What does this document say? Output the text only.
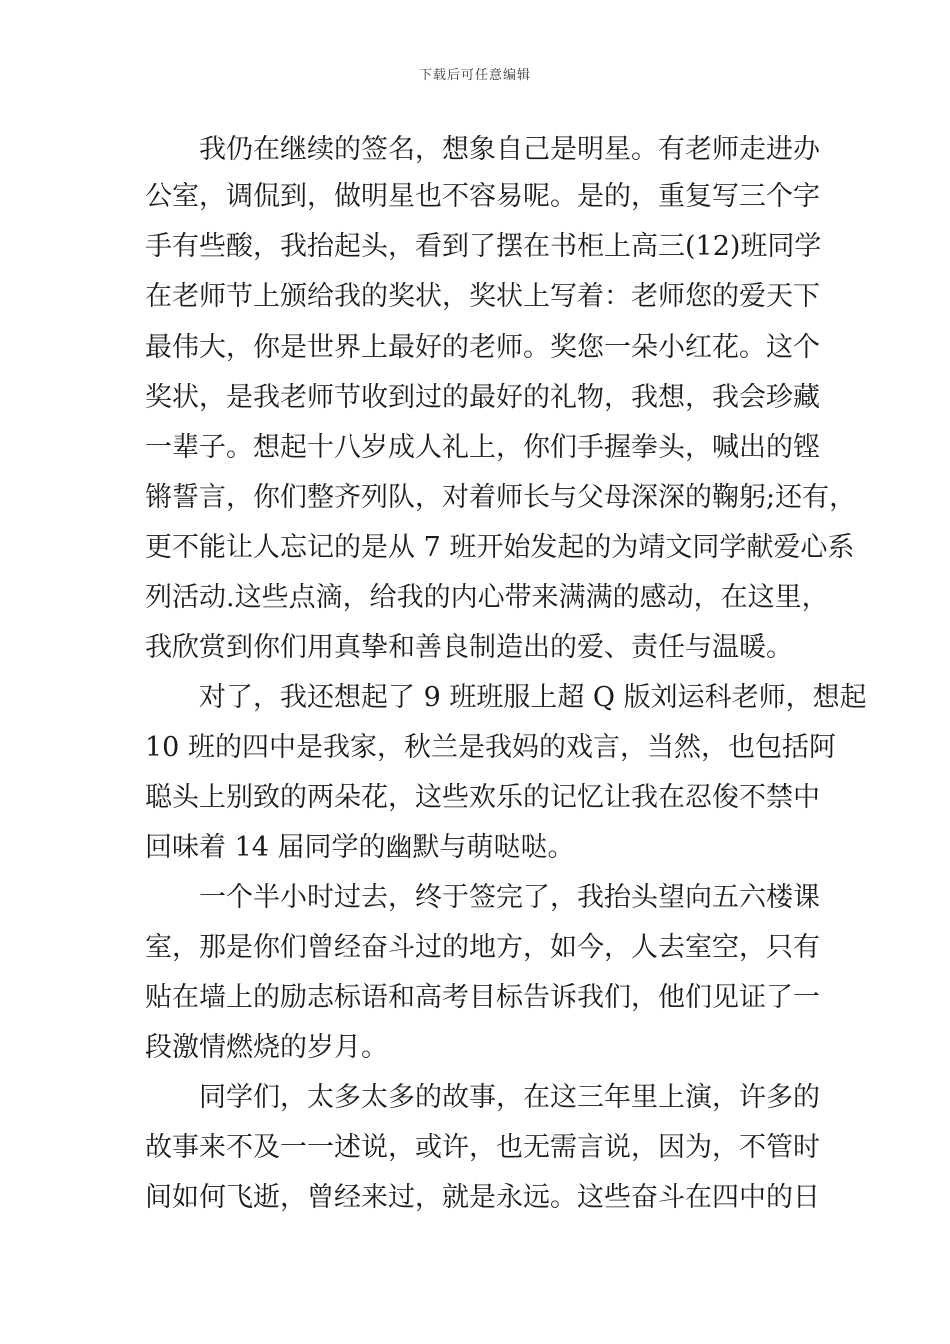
下载后可任意编辑
我仍在继续的签名，想象自己是明星。有老师走进办
公室，调侃到，做明星也不容易呢。是的，重复写三个字
手有些酸，我抬起头，看到了摆在书柜上高三(12)班同学
在老师节上颁给我的奖状，奖状上写着：老师您的爱天下
最伟大，你是世界上最好的老师。奖您一朵小红花。这个
奖状，是我老师节收到过的最好的礼物，我想，我会珍藏
一辈子。想起十八岁成人礼上，你们手握拳头，喊出的铿
锵誓言，你们整齐列队，对着师长与父母深深的鞠躬;还有，
更不能让人忘记的是从 7 班开始发起的为靖文同学献爱心系
列活动.这些点滴，给我的内心带来满满的感动，在这里，
我欣赏到你们用真挚和善良制造出的爱、责任与温暖。
对了，我还想起了 9 班班服上超 Q 版刘运科老师，想起
10 班的四中是我家，秋兰是我妈的戏言，当然，也包括阿
聪头上别致的两朵花，这些欢乐的记忆让我在忍俊不禁中
回味着 14 届同学的幽默与萌哒哒。
一个半小时过去，终于签完了，我抬头望向五六楼课
室，那是你们曾经奋斗过的地方，如今，人去室空，只有
贴在墙上的励志标语和高考目标告诉我们，他们见证了一
段激情燃烧的岁月。
同学们，太多太多的故事，在这三年里上演，许多的
故事来不及一一述说，或许，也无需言说，因为，不管时
间如何飞逝，曾经来过，就是永远。这些奋斗在四中的日
